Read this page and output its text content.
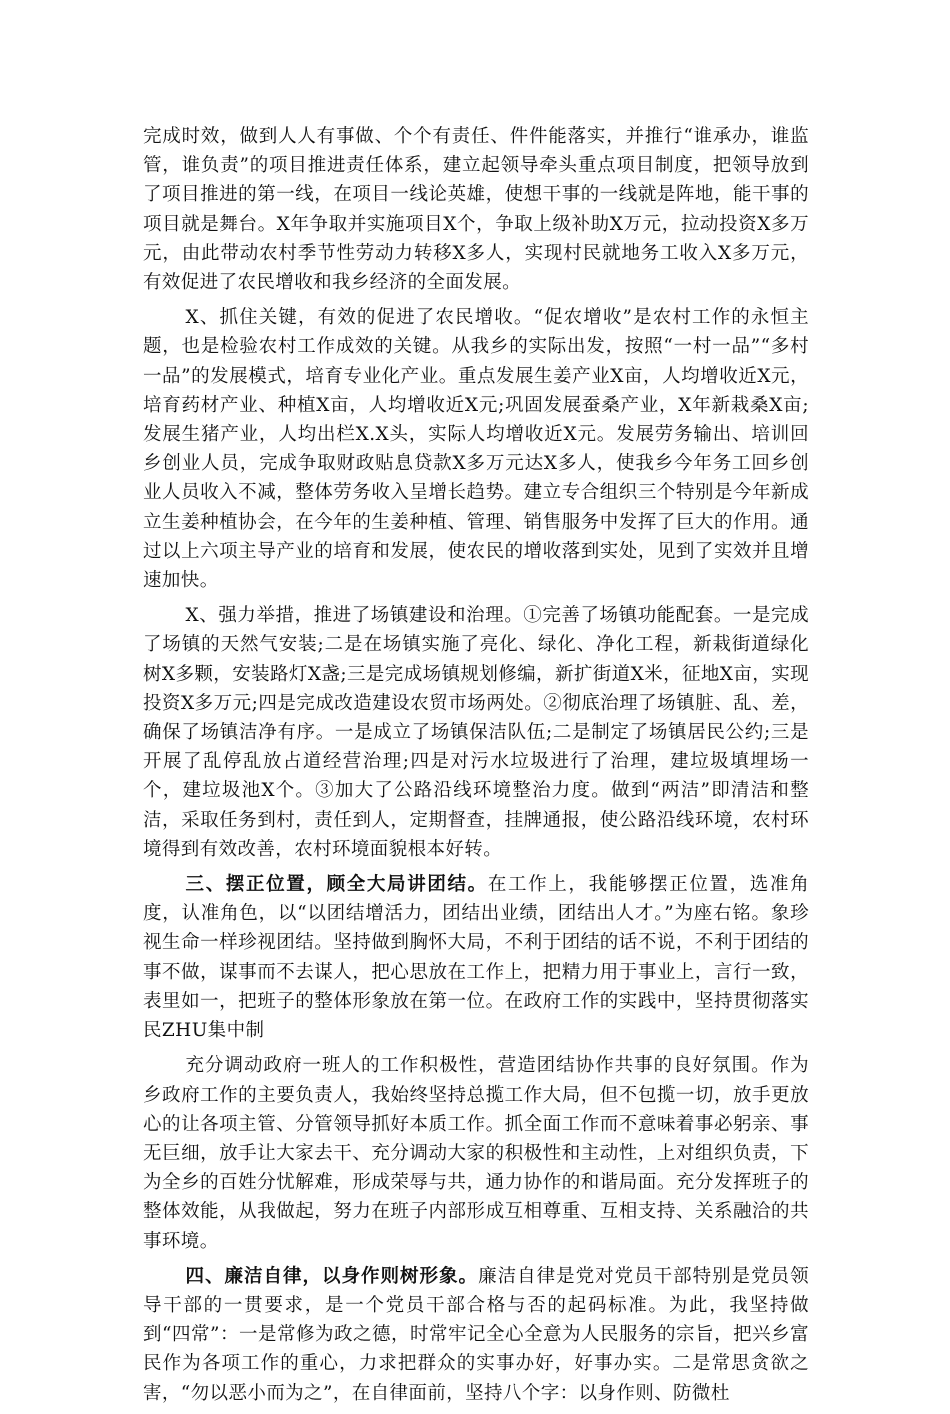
完成时效，做到人人有事做、个个有责任、件件能落实，并推行“谁承办，谁监管，谁负责”的项目推进责任体系，建立起领导牵头重点项目制度，把领导放到了项目推进的第一线，在项目一线论英雄，使想干事的一线就是阵地，能干事的项目就是舞台。X年争取并实施项目X个，争取上级补助X万元，拉动投资X多万元，由此带动农村季节性劳动力转移X多人，实现村民就地务工收入X多万元，有效促进了农民增收和我乡经济的全面发展。

X、抓住关键，有效的促进了农民增收。“促农增收”是农村工作的永恒主题，也是检验农村工作成效的关键。从我乡的实际出发，按照“一村一品”“多村一品”的发展模式，培育专业化产业。重点发展生姜产业X亩，人均增收近X元，培育药材产业、种植X亩，人均增收近X元;巩固发展蚕桑产业，X年新栽桑X亩;发展生猪产业，人均出栏X.X头，实际人均增收近X元。发展劳务输出、培训回乡创业人员，完成争取财政贴息贷款X多万元达X多人，使我乡今年务工回乡创业人员收入不减，整体劳务收入呈增长趋势。建立专合组织三个特别是今年新成立生姜种植协会，在今年的生姜种植、管理、销售服务中发挥了巨大的作用。通过以上六项主导产业的培育和发展，使农民的增收落到实处，见到了实效并且增速加快。

X、强力举措，推进了场镇建设和治理。①完善了场镇功能配套。一是完成了场镇的天然气安装;二是在场镇实施了亮化、绿化、净化工程，新栽街道绿化树X多颗，安装路灯X盏;三是完成场镇规划修编，新扩街道X米，征地X亩，实现投资X多万元;四是完成改造建设农贸市场两处。②彻底治理了场镇脏、乱、差，确保了场镇洁净有序。一是成立了场镇保洁队伍;二是制定了场镇居民公约;三是开展了乱停乱放占道经营治理;四是对污水垃圾进行了治理，建垃圾填埋场一个，建垃圾池X个。③加大了公路沿线环境整治力度。做到“两洁”即清洁和整洁，采取任务到村，责任到人，定期督查，挂牌通报，使公路沿线环境，农村环境得到有效改善，农村环境面貌根本好转。

三、摆正位置，顾全大局讲团结。在工作上，我能够摆正位置，选准角度，认准角色，以“以团结增活力，团结出业绩，团结出人才。”为座右铭。象珍视生命一样珍视团结。坚持做到胸怀大局，不利于团结的话不说，不利于团结的事不做，谋事而不去谋人，把心思放在工作上，把精力用于事业上，言行一致，表里如一，把班子的整体形象放在第一位。在政府工作的实践中，坚持贯彻落实民ZHU集中制

充分调动政府一班人的工作积极性，营造团结协作共事的良好氛围。作为乡政府工作的主要负责人，我始终坚持总揽工作大局，但不包揽一切，放手更放心的让各项主管、分管领导抓好本质工作。抓全面工作而不意味着事必躬亲、事无巨细，放手让大家去干、充分调动大家的积极性和主动性，上对组织负责，下为全乡的百姓分忧解难，形成荣辱与共，通力协作的和谐局面。充分发挥班子的整体效能，从我做起，努力在班子内部形成互相尊重、互相支持、关系融洽的共事环境。

四、廉洁自律，以身作则树形象。廉洁自律是党对党员干部特别是党员领导干部的一贯要求，是一个党员干部合格与否的起码标准。为此，我坚持做到“四常”：一是常修为政之德，时常牢记全心全意为人民服务的宗旨，把兴乡富民作为各项工作的重心，力求把群众的实事办好，好事办实。二是常思贪欲之害，“勿以恶小而为之”，在自律面前，坚持八个字：以身作则、防微杜
